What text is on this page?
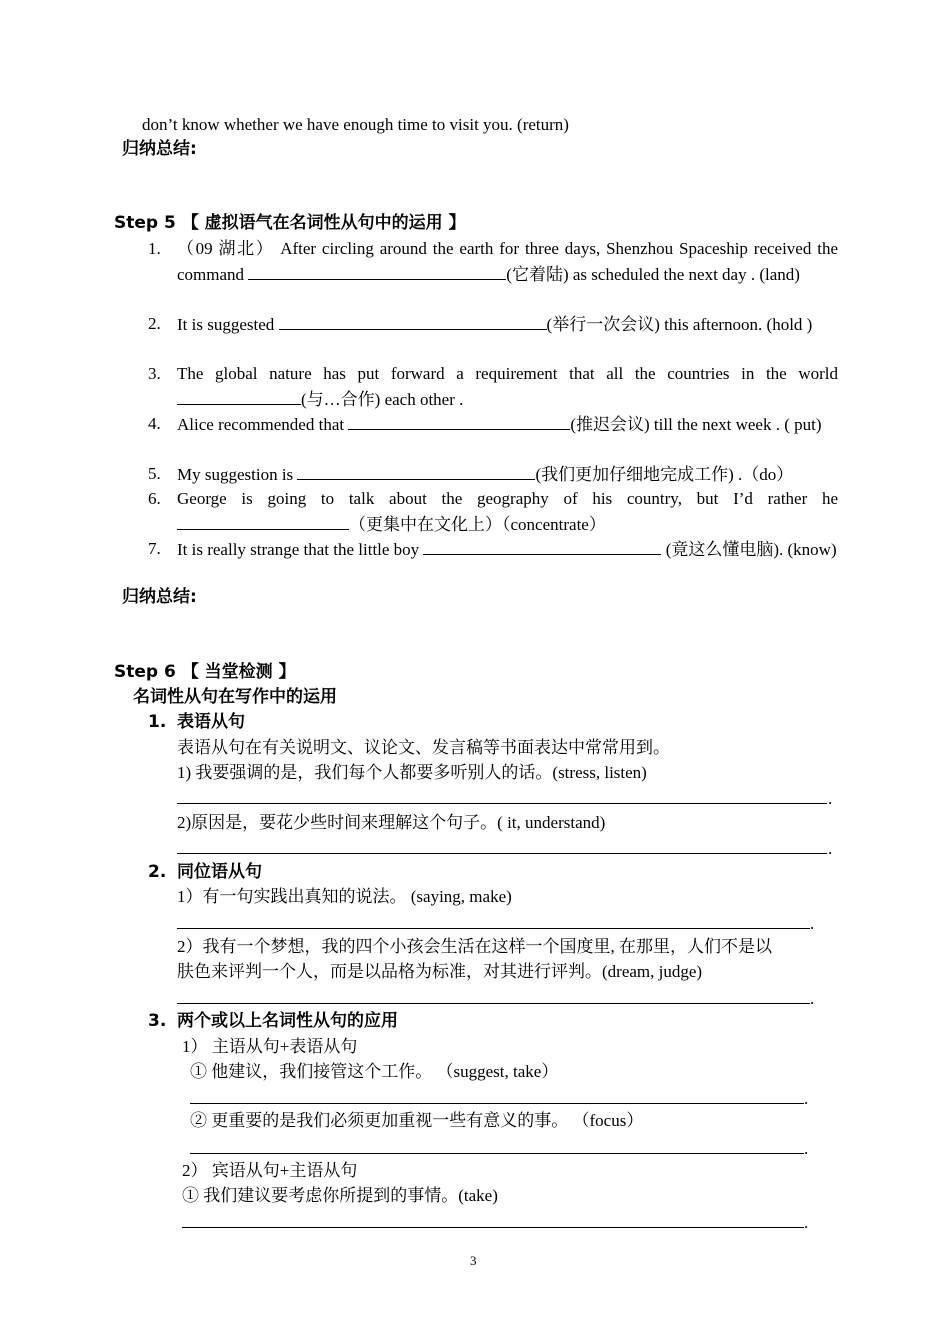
don’t know whether we have enough time to visit you. (return)
归纳总结:
Step 5 【 虚拟语气在名词性从句中的运用 】
1. （09 湖北） After circling around the earth for three days, Shenzhou Spaceship received the command	(它着陆) as scheduled the next day . (land)
2. It is suggested	(举行一次会议) this afternoon. (hold )
3. The global nature has put forward a requirement that all the countries in the world (与…合作) each other .
4. Alice recommended that	(推迟会议) till the next week . ( put)
5. My suggestion is	(我们更加仔细地完成工作) .（do）
6. George is going to talk about the geography of his country, but I’d rather he （更集中在文化上）（concentrate）
7. It is really strange that the little boy	(竟这么懂电脑). (know)
归纳总结:
Step 6 【 当堂检测 】
名词性从句在写作中的运用
1. 表语从句
表语从句在有关说明文、议论文、发言稿等书面表达中常常用到。
1) 我要强调的是，我们每个人都要多听别人的话。(stress, listen)
.
2)原因是，要花少些时间来理解这个句子。( it, understand)
.
2. 同位语从句
1）有一句实践出真知的说法。 (saying, make)
.
2）我有一个梦想，我的四个小孩会生活在这样一个国度里, 在那里，人们不是以
肤色来评判一个人，而是以品格为标准，对其进行评判。(dream, judge)
.
3. 两个或以上名词性从句的应用
1） 主语从句+表语从句
① 他建议，我们接管这个工作。 （suggest, take）
.
② 更重要的是我们必须更加重视一些有意义的事。 （focus）
.
2） 宾语从句+主语从句
① 我们建议要考虑你所提到的事情。(take)
.
3
